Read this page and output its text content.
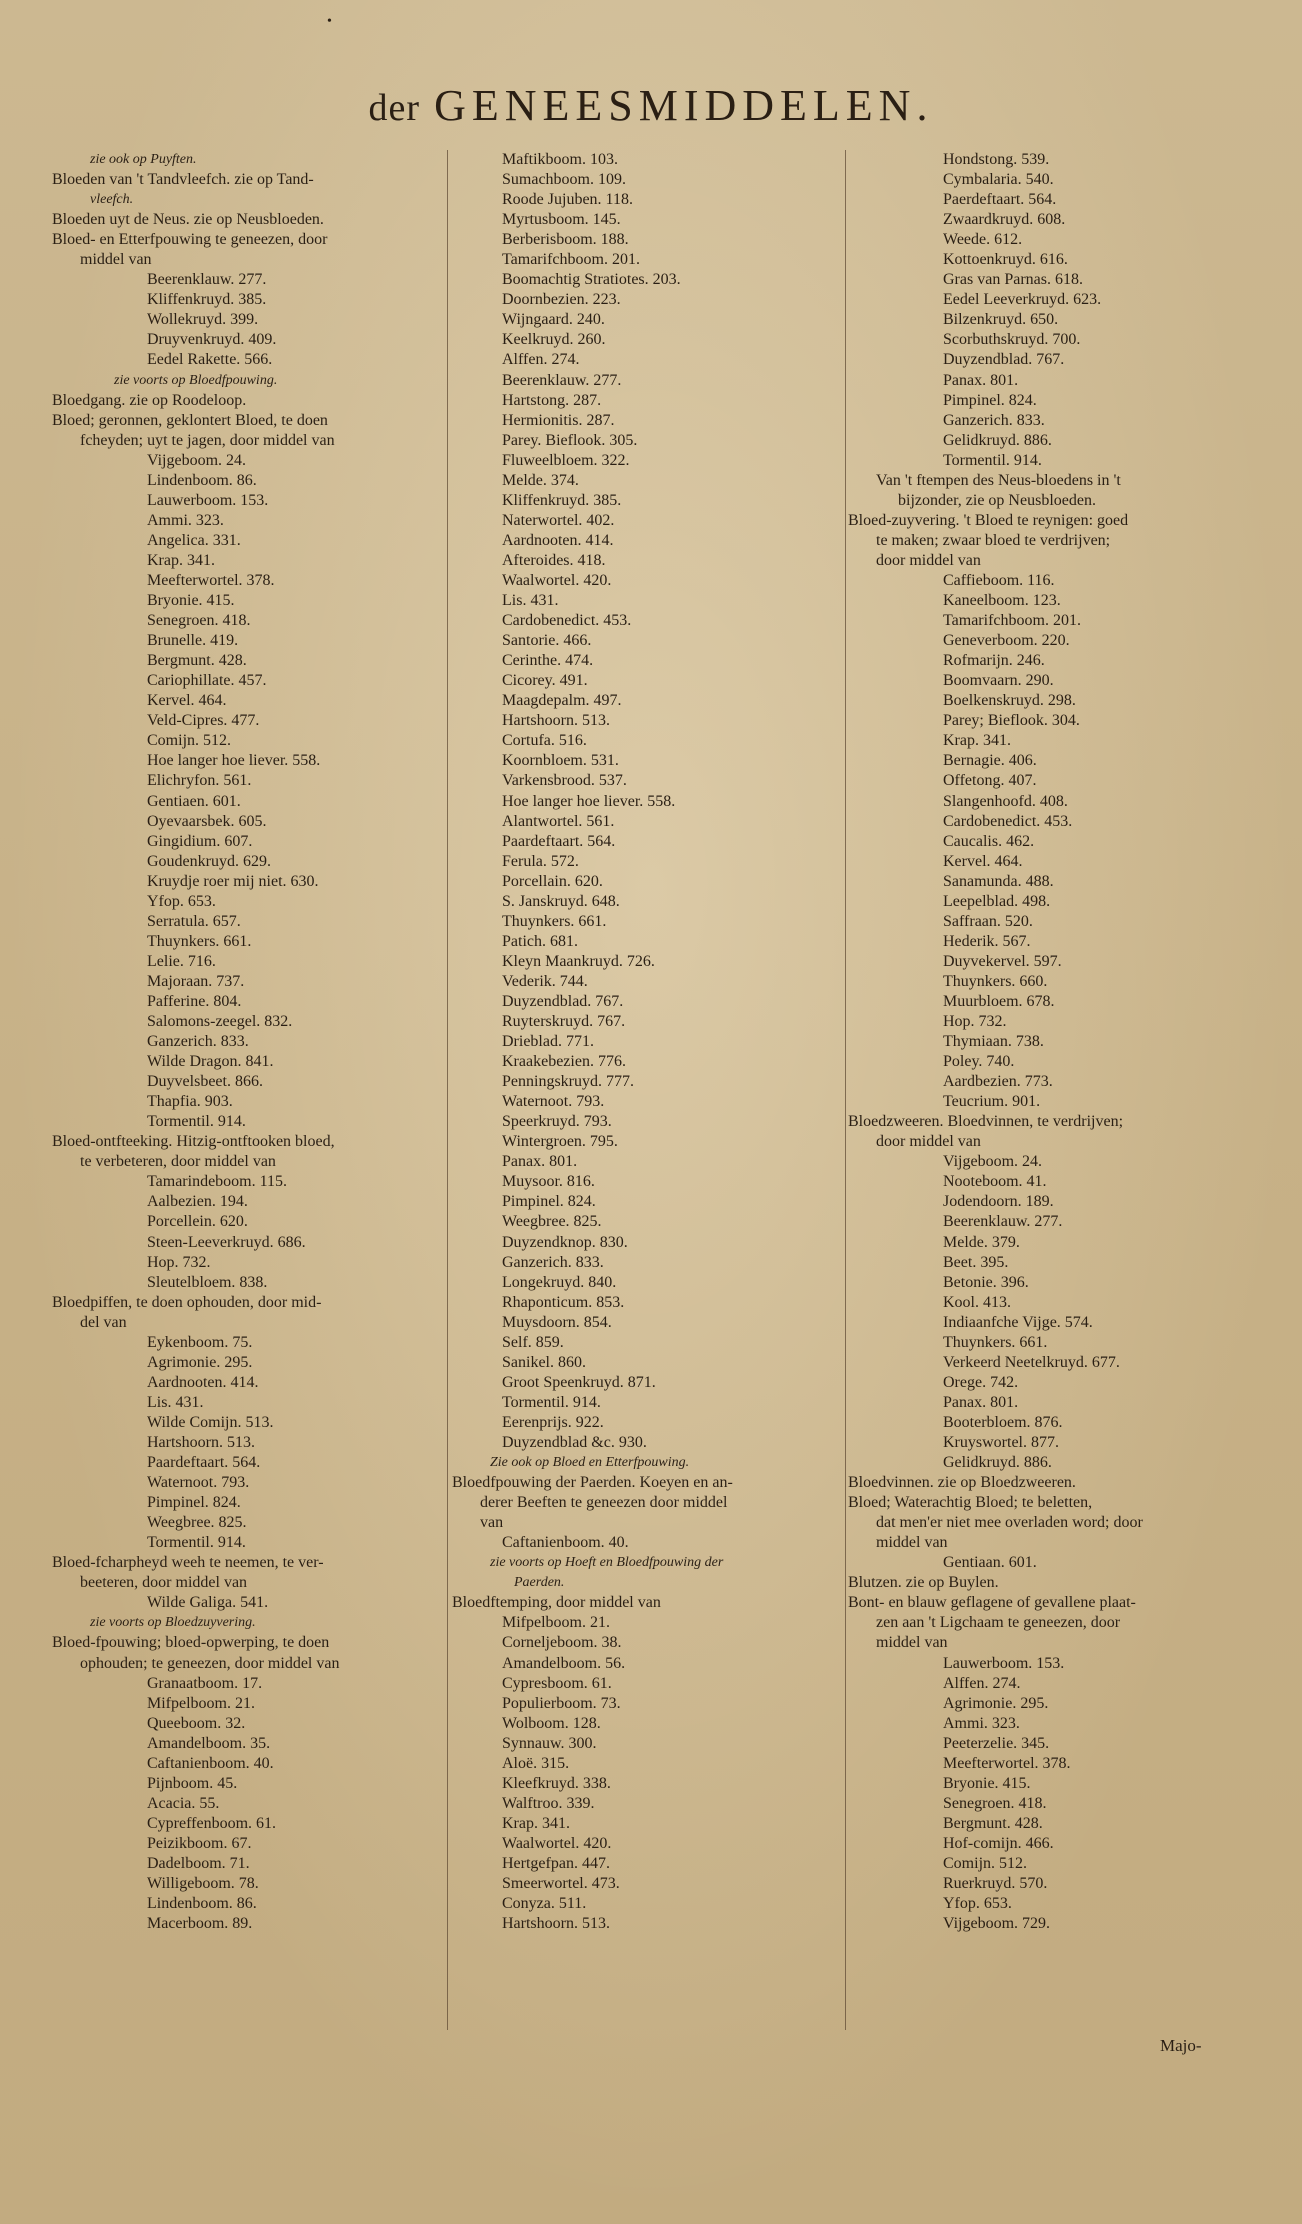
•
der GENEESMIDDELEN.
zie ook op Puyften.
Bloeden van 't Tandvleefch. zie op Tand-
vleefch.
Bloeden uyt de Neus. zie op Neusbloeden.
Bloed- en Etterfpouwing te geneezen, door
middel van
Beerenklauw. 277.
Kliffenkruyd. 385.
Wollekruyd. 399.
Druyvenkruyd. 409.
Eedel Rakette. 566.
zie voorts op Bloedfpouwing.
Bloedgang. zie op Roodeloop.
Bloed; geronnen, geklontert Bloed, te doen
fcheyden; uyt te jagen, door middel van
Vijgeboom. 24.
Lindenboom. 86.
Lauwerboom. 153.
Ammi. 323.
Angelica. 331.
Krap. 341.
Meefterwortel. 378.
Bryonie. 415.
Senegroen. 418.
Brunelle. 419.
Bergmunt. 428.
Cariophillate. 457.
Kervel. 464.
Veld-Cipres. 477.
Comijn. 512.
Hoe langer hoe liever. 558.
Elichryfon. 561.
Gentiaen. 601.
Oyevaarsbek. 605.
Gingidium. 607.
Goudenkruyd. 629.
Kruydje roer mij niet. 630.
Yfop. 653.
Serratula. 657.
Thuynkers. 661.
Lelie. 716.
Majoraan. 737.
Pafferine. 804.
Salomons-zeegel. 832.
Ganzerich. 833.
Wilde Dragon. 841.
Duyvelsbeet. 866.
Thapfia. 903.
Tormentil. 914.
Bloed-ontfteeking. Hitzig-ontftooken bloed,
te verbeteren, door middel van
Tamarindeboom. 115.
Aalbezien. 194.
Porcellein. 620.
Steen-Leeverkruyd. 686.
Hop. 732.
Sleutelbloem. 838.
Bloedpiffen, te doen ophouden, door mid-
del van
Eykenboom. 75.
Agrimonie. 295.
Aardnooten. 414.
Lis. 431.
Wilde Comijn. 513.
Hartshoorn. 513.
Paardeftaart. 564.
Waternoot. 793.
Pimpinel. 824.
Weegbree. 825.
Tormentil. 914.
Bloed-fcharpheyd weeh te neemen, te ver-
beeteren, door middel van
Wilde Galiga. 541.
zie voorts op Bloedzuyvering.
Bloed-fpouwing; bloed-opwerping, te doen
ophouden; te geneezen, door middel van
Granaatboom. 17.
Mifpelboom. 21.
Queeboom. 32.
Amandelboom. 35.
Caftanienboom. 40.
Pijnboom. 45.
Acacia. 55.
Cypreffenboom. 61.
Peizikboom. 67.
Dadelboom. 71.
Willigeboom. 78.
Lindenboom. 86.
Macerboom. 89.
Maftikboom. 103.
Sumachboom. 109.
Roode Jujuben. 118.
Myrtusboom. 145.
Berberisboom. 188.
Tamarifchboom. 201.
Boomachtig Stratiotes. 203.
Doornbezien. 223.
Wijngaard. 240.
Keelkruyd. 260.
Alffen. 274.
Beerenklauw. 277.
Hartstong. 287.
Hermionitis. 287.
Parey. Bieflook. 305.
Fluweelbloem. 322.
Melde. 374.
Kliffenkruyd. 385.
Naterwortel. 402.
Aardnooten. 414.
Afteroides. 418.
Waalwortel. 420.
Lis. 431.
Cardobenedict. 453.
Santorie. 466.
Cerinthe. 474.
Cicorey. 491.
Maagdepalm. 497.
Hartshoorn. 513.
Cortufa. 516.
Koornbloem. 531.
Varkensbrood. 537.
Hoe langer hoe liever. 558.
Alantwortel. 561.
Paardeftaart. 564.
Ferula. 572.
Porcellain. 620.
S. Janskruyd. 648.
Thuynkers. 661.
Patich. 681.
Kleyn Maankruyd. 726.
Vederik. 744.
Duyzendblad. 767.
Ruyterskruyd. 767.
Drieblad. 771.
Kraakebezien. 776.
Penningskruyd. 777.
Waternoot. 793.
Speerkruyd. 793.
Wintergroen. 795.
Panax. 801.
Muysoor. 816.
Pimpinel. 824.
Weegbree. 825.
Duyzendknop. 830.
Ganzerich. 833.
Longekruyd. 840.
Rhaponticum. 853.
Muysdoorn. 854.
Self. 859.
Sanikel. 860.
Groot Speenkruyd. 871.
Tormentil. 914.
Eerenprijs. 922.
Duyzendblad &c. 930.
Zie ook op Bloed en Etterfpouwing.
Bloedfpouwing der Paerden. Koeyen en an-
derer Beeften te geneezen door middel
van
Caftanienboom. 40.
zie voorts op Hoeft en Bloedfpouwing der
Paerden.
Bloedftemping, door middel van
Mifpelboom. 21.
Corneljeboom. 38.
Amandelboom. 56.
Cypresboom. 61.
Populierboom. 73.
Wolboom. 128.
Synnauw. 300.
Aloë. 315.
Kleefkruyd. 338.
Walftroo. 339.
Krap. 341.
Waalwortel. 420.
Hertgefpan. 447.
Smeerwortel. 473.
Conyza. 511.
Hartshoorn. 513.
Hondstong. 539.
Cymbalaria. 540.
Paerdeftaart. 564.
Zwaardkruyd. 608.
Weede. 612.
Kottoenkruyd. 616.
Gras van Parnas. 618.
Eedel Leeverkruyd. 623.
Bilzenkruyd. 650.
Scorbuthskruyd. 700.
Duyzendblad. 767.
Panax. 801.
Pimpinel. 824.
Ganzerich. 833.
Gelidkruyd. 886.
Tormentil. 914.
Van 't ftempen des Neus-bloedens in 't
bijzonder, zie op Neusbloeden.
Bloed-zuyvering. 't Bloed te reynigen: goed
te maken; zwaar bloed te verdrijven;
door middel van
Caffieboom. 116.
Kaneelboom. 123.
Tamarifchboom. 201.
Geneverboom. 220.
Rofmarijn. 246.
Boomvaarn. 290.
Boelkenskruyd. 298.
Parey; Bieflook. 304.
Krap. 341.
Bernagie. 406.
Offetong. 407.
Slangenhoofd. 408.
Cardobenedict. 453.
Caucalis. 462.
Kervel. 464.
Sanamunda. 488.
Leepelblad. 498.
Saffraan. 520.
Hederik. 567.
Duyvekervel. 597.
Thuynkers. 660.
Muurbloem. 678.
Hop. 732.
Thymiaan. 738.
Poley. 740.
Aardbezien. 773.
Teucrium. 901.
Bloedzweeren. Bloedvinnen, te verdrijven;
door middel van
Vijgeboom. 24.
Nooteboom. 41.
Jodendoorn. 189.
Beerenklauw. 277.
Melde. 379.
Beet. 395.
Betonie. 396.
Kool. 413.
Indiaanfche Vijge. 574.
Thuynkers. 661.
Verkeerd Neetelkruyd. 677.
Orege. 742.
Panax. 801.
Booterbloem. 876.
Kruyswortel. 877.
Gelidkruyd. 886.
Bloedvinnen. zie op Bloedzweeren.
Bloed; Waterachtig Bloed; te beletten,
dat men'er niet mee overladen word; door
middel van
Gentiaan. 601.
Blutzen. zie op Buylen.
Bont- en blauw geflagene of gevallene plaat-
zen aan 't Ligchaam te geneezen, door
middel van
Lauwerboom. 153.
Alffen. 274.
Agrimonie. 295.
Ammi. 323.
Peeterzelie. 345.
Meefterwortel. 378.
Bryonie. 415.
Senegroen. 418.
Bergmunt. 428.
Hof-comijn. 466.
Comijn. 512.
Ruerkruyd. 570.
Yfop. 653.
Vijgeboom. 729.
Majo-
